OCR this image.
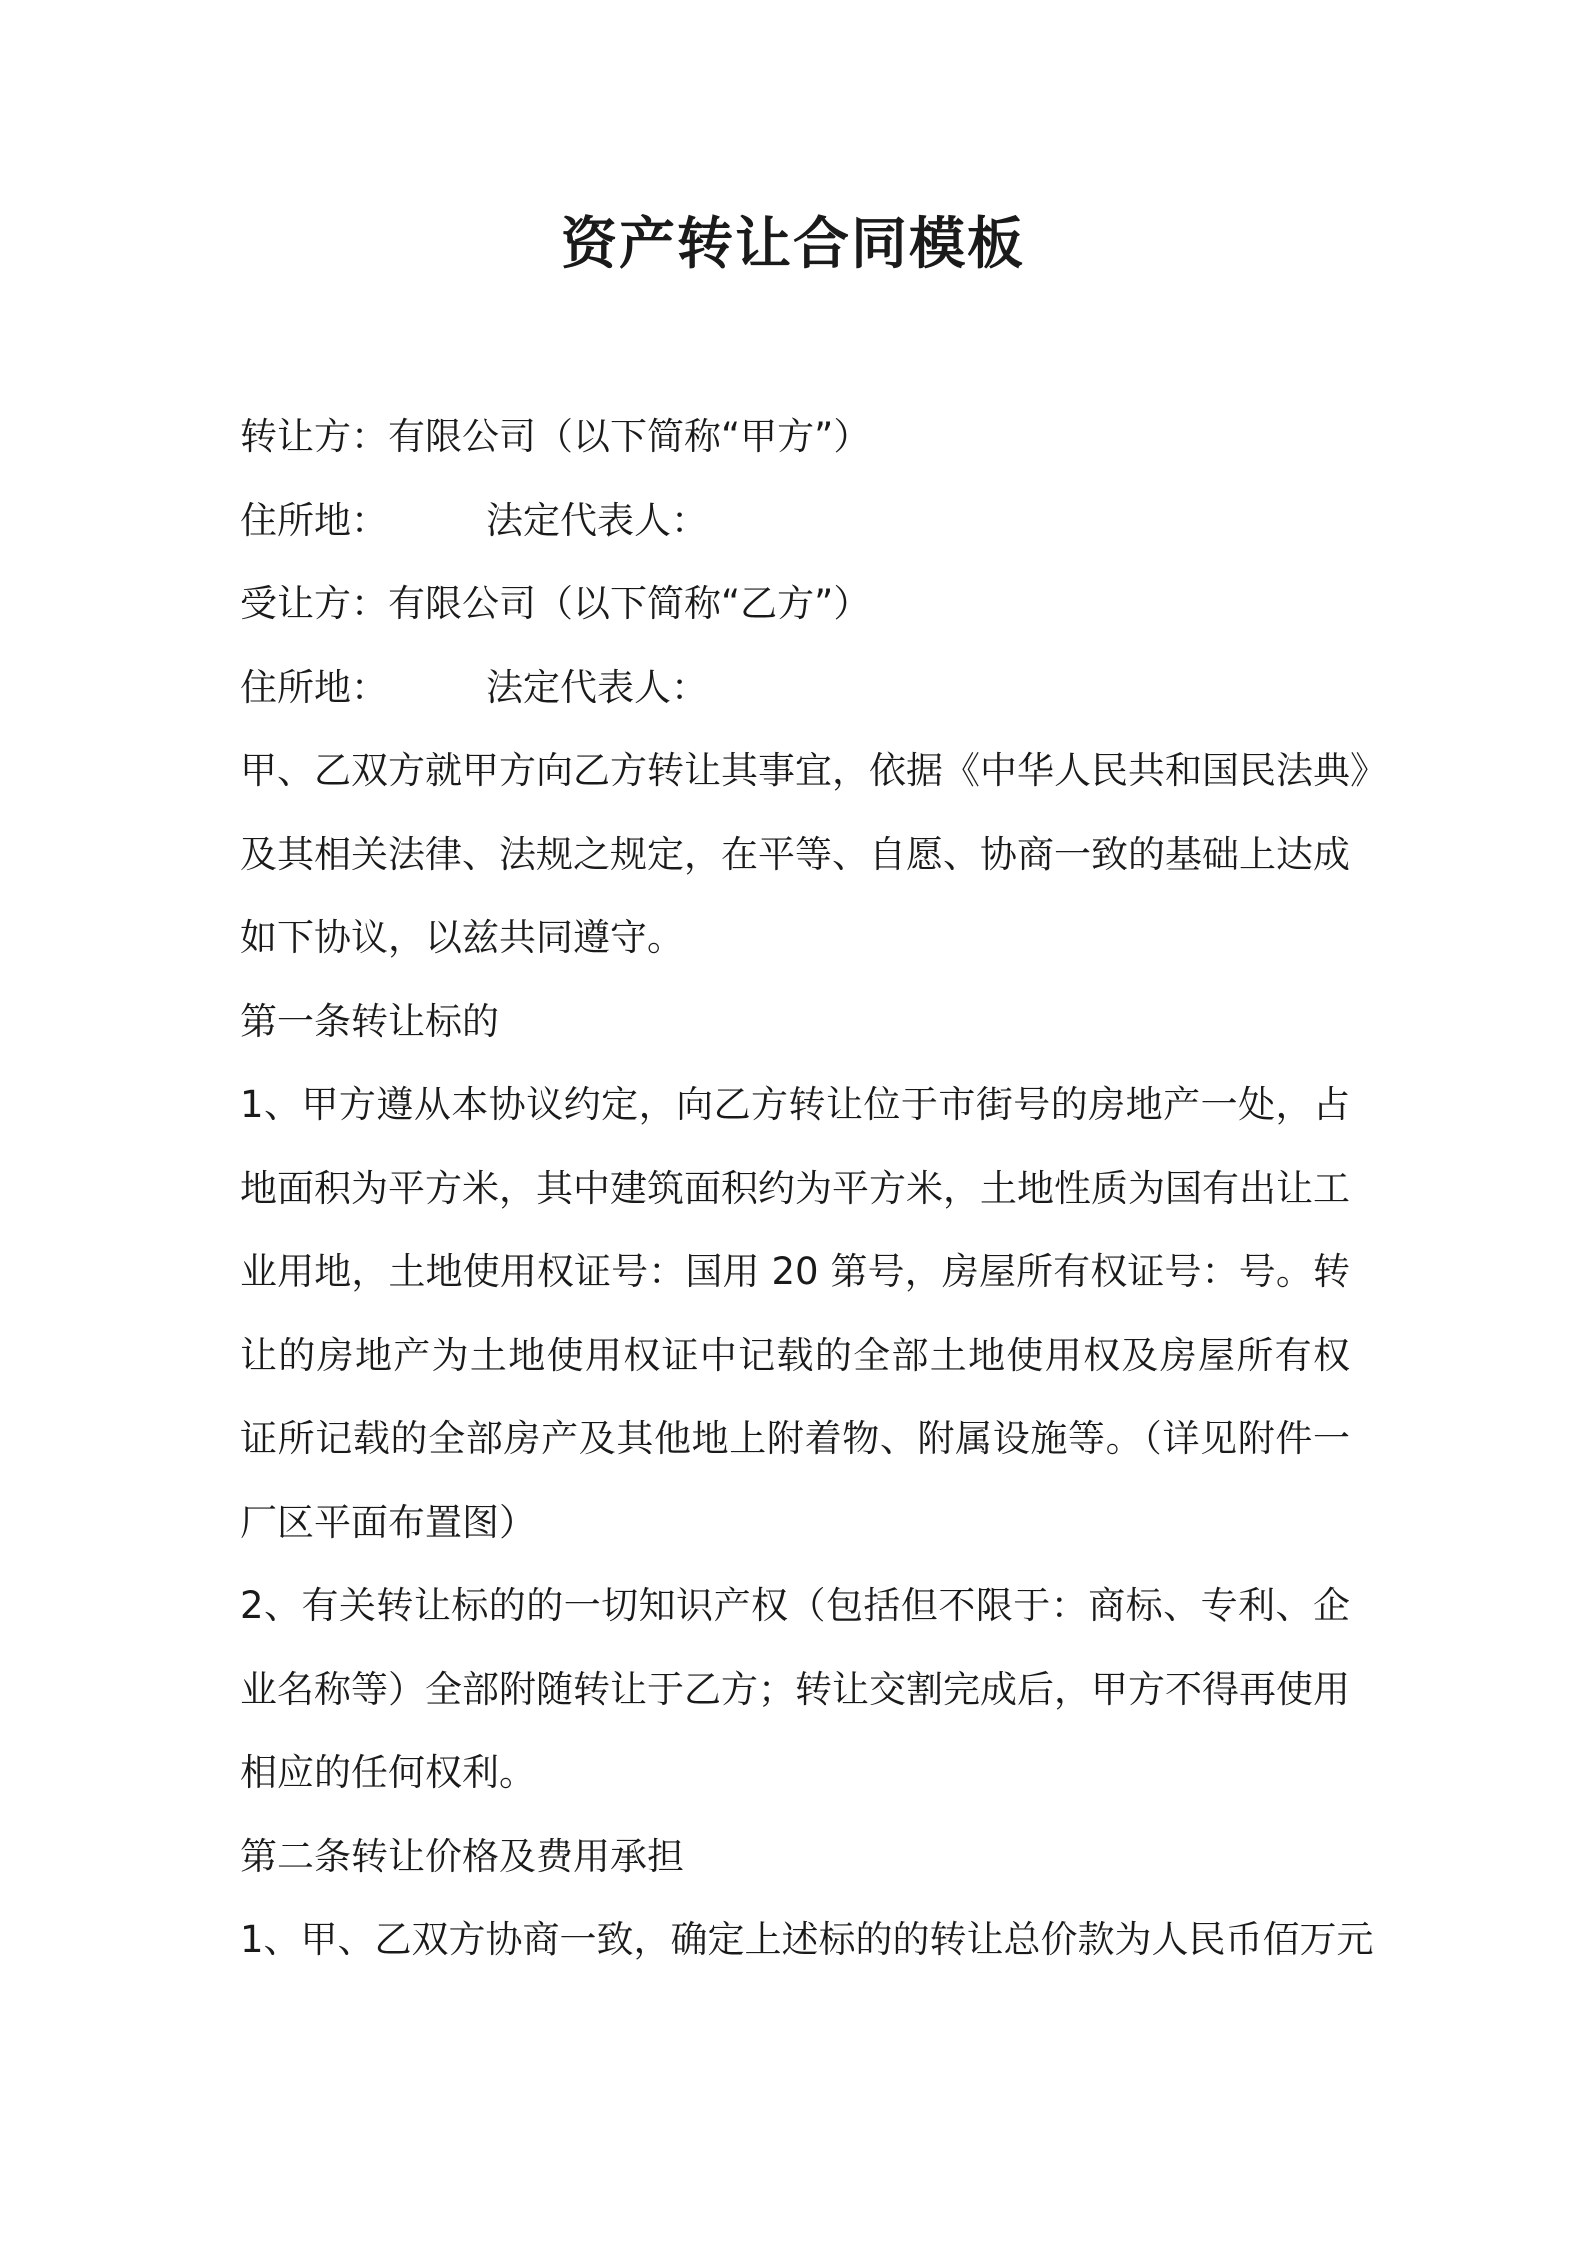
资产转让合同模板
转让方：有限公司（以下简称“甲方”）
住所地：	法定代表人：
受让方：有限公司（以下简称“乙方”）
住所地：	法定代表人：
甲、乙双方就甲方向乙方转让其事宜，依据《中华人民共和国民法典》
及其相关法律、法规之规定，在平等、自愿、协商一致的基础上达成
如下协议，以兹共同遵守。
第一条转让标的
1、甲方遵从本协议约定，向乙方转让位于市街号的房地产一处，占
地面积为平方米，其中建筑面积约为平方米，土地性质为国有出让工
业用地，土地使用权证号：国用 20 第号，房屋所有权证号：号。转
让的房地产为土地使用权证中记载的全部土地使用权及房屋所有权
证所记载的全部房产及其他地上附着物、附属设施等。（详见附件一
厂区平面布置图）
2、有关转让标的的一切知识产权（包括但不限于：商标、专利、企
业名称等）全部附随转让于乙方；转让交割完成后，甲方不得再使用
相应的任何权利。
第二条转让价格及费用承担
1、甲、乙双方协商一致，确定上述标的的转让总价款为人民币佰万元
